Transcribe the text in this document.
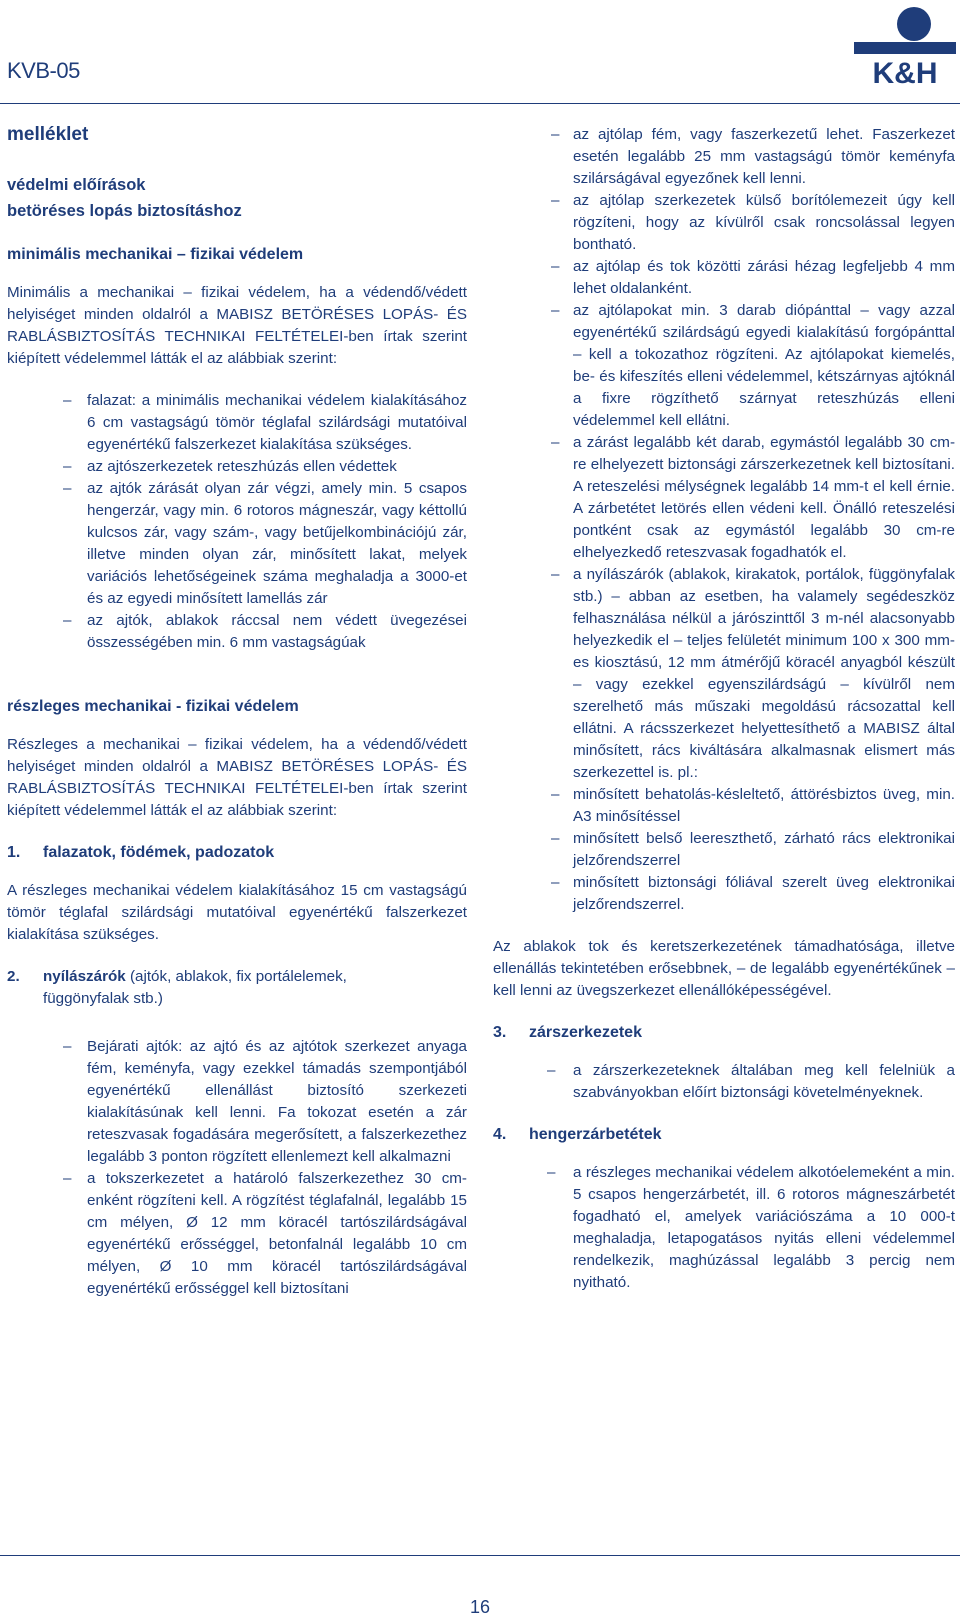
KVB-05	K&H
melléklet
védelmi előírások
betöréses lopás biztosításhoz
minimális mechanikai – fizikai védelem
Minimális a mechanikai – fizikai védelem, ha a védendő/védett helyiséget minden oldalról a MABISZ BETÖRÉSES LOPÁS- ÉS RABLÁSBIZTOSÍTÁS TECHNIKAI FELTÉTELEI-ben írtak szerint kiépített védelemmel látták el az alábbiak szerint:
– falazat: a minimális mechanikai védelem kialakításához 6 cm vastagságú tömör téglafal szilárdsági mutatóival egyenértékű falszerkezet kialakítása szükséges.
– az ajtószerkezetek reteszhúzás ellen védettek
– az ajtók zárását olyan zár végzi, amely min. 5 csapos hengerzár, vagy min. 6 rotoros mágneszár, vagy kéttollú kulcsos zár, vagy szám-, vagy betűjelkombinációjú zár, illetve minden olyan zár, minősített lakat, melyek variációs lehetőségeinek száma meghaladja a 3000-et és az egyedi minősített lamellás zár
– az ajtók, ablakok ráccsal nem védett üvegezései összességében min. 6 mm vastagságúak
részleges mechanikai - fizikai védelem
Részleges a mechanikai – fizikai védelem, ha a védendő/védett helyiséget minden oldalról a MABISZ BETÖRÉSES LOPÁS- ÉS RABLÁSBIZTOSÍTÁS TECHNIKAI FELTÉTELEI-ben írtak szerint kiépített védelemmel látták el az alábbiak szerint:
1. falazatok, födémek, padozatok
A részleges mechanikai védelem kialakításához 15 cm vastagságú tömör téglafal szilárdsági mutatóival egyenértékű falszerkezet kialakítása szükséges.
2. nyílászárók (ajtók, ablakok, fix portálelemek,
függönyfalak stb.)
– Bejárati ajtók: az ajtó és az ajtótok szerkezet anyaga fém, keményfa, vagy ezekkel támadás szempontjából egyenértékű ellenállást biztosító szerkezeti kialakításúnak kell lenni. Fa tokozat esetén a zár reteszvasak fogadására megerősített, a falszerkezethez legalább 3 ponton rögzített ellenlemezt kell alkalmazni
– a tokszerkezetet a határoló falszerkezethez 30 cm-enként rögzíteni kell. A rögzítést téglafalnál, legalább 15 cm mélyen, Ø 12 mm köracél tartószilárdságával egyenértékű erősséggel, betonfalnál legalább 10 cm mélyen, Ø 10 mm köracél tartószilárdságával egyenértékű erősséggel kell biztosítani
– az ajtólap fém, vagy faszerkezetű lehet. Faszerkezet esetén legalább 25 mm vastagságú tömör keményfa szilárságával egyezőnek kell lenni.
– az ajtólap szerkezetek külső borítólemezeit úgy kell rögzíteni, hogy az kívülről csak roncsolással legyen bontható.
– az ajtólap és tok közötti zárási hézag legfeljebb 4 mm lehet oldalanként.
– az ajtólapokat min. 3 darab diópánttal – vagy azzal egyenértékű szilárdságú egyedi kialakítású forgópánttal – kell a tokozathoz rögzíteni. Az ajtólapokat kiemelés, be- és kifeszítés elleni védelemmel, kétszárnyas ajtóknál a fixre rögzíthető szárnyat reteszhúzás elleni védelemmel kell ellátni.
– a zárást legalább két darab, egymástól legalább 30 cm-re elhelyezett biztonsági zárszerkezetnek kell biztosítani. A reteszelési mélységnek legalább 14 mm-t el kell érnie. A zárbetétet letörés ellen védeni kell. Önálló reteszelési pontként csak az egymástól legalább 30 cm-re elhelyezkedő reteszvasak fogadhatók el.
– a nyílászárók (ablakok, kirakatok, portálok, függönyfalak stb.) – abban az esetben, ha valamely segédeszköz felhasználása nélkül a járószinttől 3 m-nél alacsonyabb helyezkedik el – teljes felületét minimum 100 x 300 mm-es kiosztású, 12 mm átmérőjű köracél anyagból készült – vagy ezekkel egyenszilárdságú – kívülről nem szerelhető más műszaki megoldású rácsozattal kell ellátni. A rácsszerkezet helyettesíthető a MABISZ által minősített, rács kiváltására alkalmasnak elismert más szerkezettel is. pl.:
– minősített behatolás-késleltető, áttörésbiztos üveg, min. A3 minősítéssel
– minősített belső leereszthető, zárható rács elektronikai jelzőrendszerrel
– minősített biztonsági fóliával szerelt üveg elektronikai jelzőrendszerrel.
Az ablakok tok és keretszerkezetének támadhatósága, illetve ellenállás tekintetében erősebbnek, – de legalább egyenértékűnek – kell lenni az üvegszerkezet ellenállóképességével.
3. zárszerkezetek
– a zárszerkezeteknek általában meg kell felelniük a szabványokban előírt biztonsági követelményeknek.
4. hengerzárbetétek
– a részleges mechanikai védelem alkotóelemeként a min. 5 csapos hengerzárbetét, ill. 6 rotoros mágneszárbetét fogadható el, amelyek variációszáma a 10 000-t meghaladja, letapogatásos nyitás elleni védelemmel rendelkezik, maghúzással legalább 3 percig nem nyitható.
16
